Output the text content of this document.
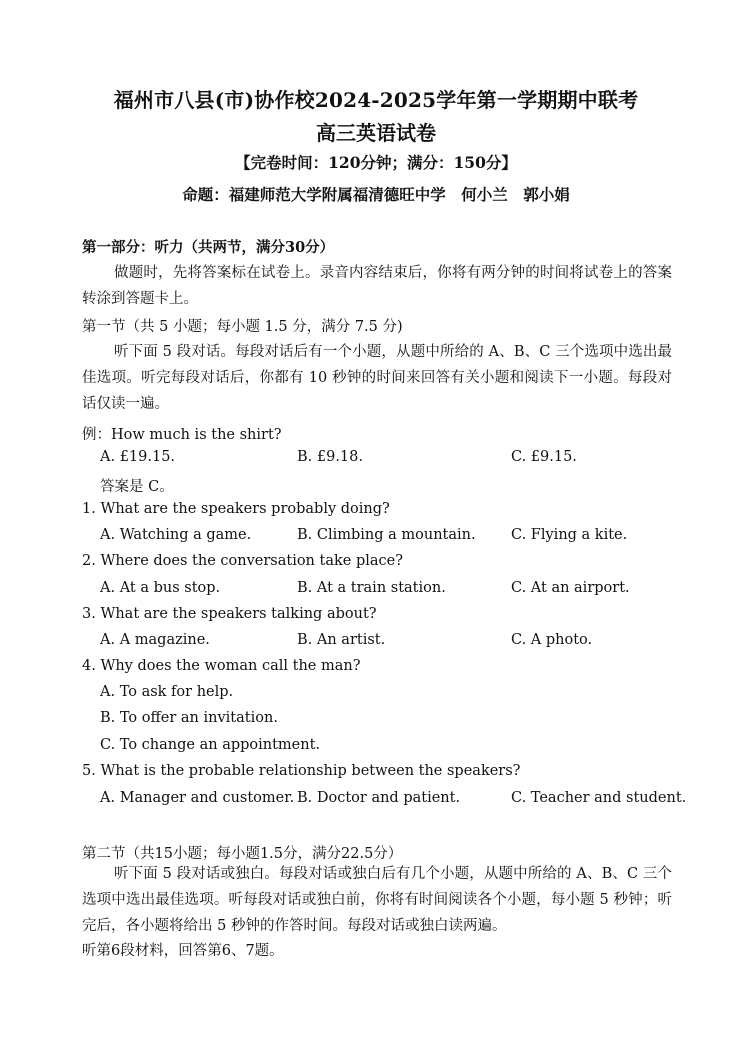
福州市八县(市)协作校2024-2025学年第一学期期中联考
高三英语试卷
【完卷时间：120分钟；满分：150分】
命题：福建师范大学附属福清德旺中学　何小兰　郭小娟
第一部分：听力（共两节，满分30分）
做题时，先将答案标在试卷上。录音内容结束后，你将有两分钟的时间将试卷上的答案转涂到答题卡上。
第一节（共 5 小题；每小题 1.5 分，满分 7.5 分)
听下面 5 段对话。每段对话后有一个小题，从题中所给的 A、B、C 三个选项中选出最佳选项。听完每段对话后，你都有 10 秒钟的时间来回答有关小题和阅读下一小题。每段对话仅读一遍。
例：How much is the shirt?
A. £19.15.	B. £9.18.	C. £9.15.
答案是 C。
1. What are the speakers probably doing?
A. Watching a game.	B. Climbing a mountain. C. Flying a kite.
2. Where does the conversation take place?
A. At a bus stop.	B. At a train station.	C. At an airport.
3. What are the speakers talking about?
A. A magazine.	B. An artist.	C. A photo.
4. Why does the woman call the man?
A. To ask for help.
B. To offer an invitation.
C. To change an appointment.
5. What is the probable relationship between the speakers?
A. Manager and customer. B. Doctor and patient.	C. Teacher and student.
第二节（共15小题；每小题1.5分，满分22.5分）
听下面 5 段对话或独白。每段对话或独白后有几个小题，从题中所给的 A、B、C 三个选项中选出最佳选项。听每段对话或独白前，你将有时间阅读各个小题，每小题 5 秒钟；听完后，各小题将给出 5 秒钟的作答时间。每段对话或独白读两遍。
听第6段材料，回答第6、7题。
